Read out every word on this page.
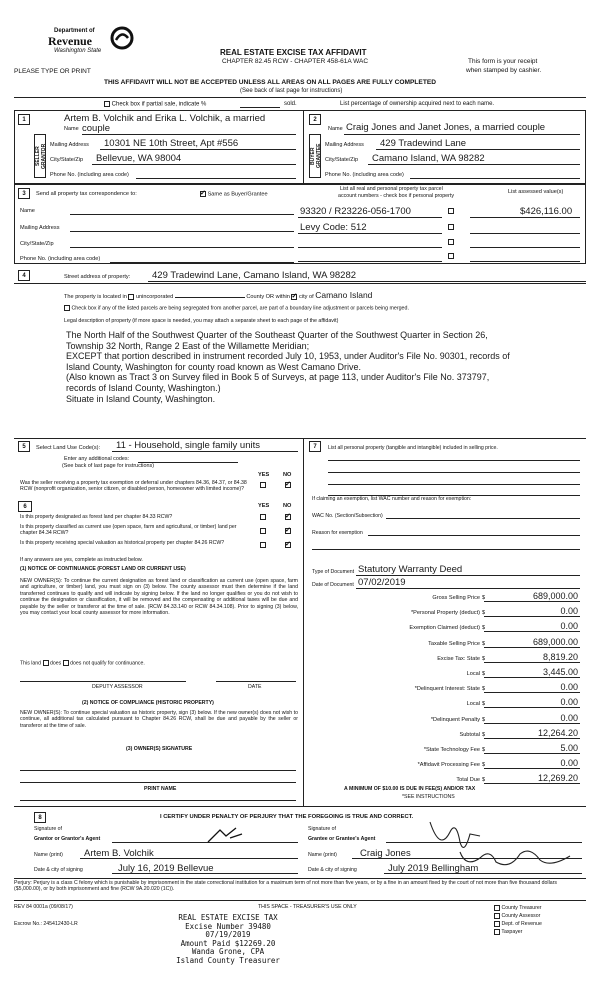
Department of
Revenue
Washington State
PLEASE TYPE OR PRINT
REAL ESTATE EXCISE TAX AFFIDAVIT
CHAPTER 82.45 RCW - CHAPTER 458-61A WAC	This form is your receipt
when stamped by cashier.
THIS AFFIDAVIT WILL NOT BE ACCEPTED UNLESS ALL AREAS ON ALL PAGES ARE FULLY COMPLETED
(See back of last page for instructions)
Check box if partial sale, indicate %	sold.	List percentage of ownership acquired next to each name.
1	2
SELLER GRANTOR	BUYER GRANTEE
Artem B. Volchik and Erika L. Volchik, a married
Name couple
Mailing Address 10301 NE 10th Street, Apt #556
City/State/Zip Bellevue, WA 98004
Phone No. (including area code)
Name Craig Jones and Janet Jones, a married couple
Mailing Address 429 Tradewind Lane
City/State/Zip Camano Island, WA 98282
Phone No. (including area code)
3	Send all property tax correspondence to: ✓	Same as Buyer/Grantee
Name
Mailing Address
City/State/Zip
Phone No. (including area code)
List all real and personal property tax parcel
account numbers - check box if personal property
List assessed value(s)
93320 / R23226-056-1700	$426,116.00
Levy Code: 512
4	Street address of property: 429 Tradewind Lane, Camano Island, WA 98282
The property is located in unincorporated	County OR within ✓ city of Camano Island
Check box if any of the listed parcels are being segregated from another parcel, are part of a boundary line adjustment or parcels being merged.
Legal description of property (if more space is needed, you may attach a separate sheet to each page of the affidavit)
The North Half of the Southwest Quarter of the Southeast Quarter of the Southwest Quarter in Section 26,
Township 32 North, Range 2 East of the Willamette Meridian;
EXCEPT that portion described in instrument recorded July 10, 1953, under Auditor's File No. 90301, records of
Island County, Washington for county road known as West Camano Drive.
(Also known as Tract 3 on Survey filed in Book 5 of Surveys, at page 113, under Auditor's File No. 373797,
records of Island County, Washington.)
Situate in Island County, Washington.
5	Select Land Use Code(s): 11 - Household, single family units
Enter any additional codes:
(See back of last page for instructions)
YES NO
Was the seller receiving a property tax exemption or deferral under chapters 84.36, 84.37, or 84.38 RCW (nonprofit organization, senior citizen, or disabled person, homeowner with limited income)?
✓
6	YES NO
Is this property designated as forest land per chapter 84.33 RCW?
✓
Is this property classified as current use (open space, farm and agricultural, or timber) land per chapter 84.34 RCW?
✓
Is this property receiving special valuation as historical property per chapter 84.26 RCW?
✓
If any answers are yes, complete as instructed below.
(1) NOTICE OF CONTINUANCE (FOREST LAND OR CURRENT USE)
NEW OWNER(S): To continue the current designation as forest land or classification as current use (open space, farm and agriculture, or timber) land, you must sign on (3) below. The county assessor must then determine if the land transferred continues to qualify and will indicate by signing below. If the land no longer qualifies or you do not wish to continue the designation or classification, it will be removed and the compensating or additional taxes will be due and payable by the seller or transferor at the time of sale. (RCW 84.33.140 or RCW 84.34.108). Prior to signing (3) below, you may contact your local county assessor for more information.
This land does does not qualify for continuance.
DEPUTY ASSESSOR	DATE
(2) NOTICE OF COMPLIANCE (HISTORIC PROPERTY)
NEW OWNER(S): To continue special valuation as historic property, sign (3) below. If the new owner(s) does not wish to continue, all additional tax calculated pursuant to Chapter 84.26 RCW, shall be due and payable by the seller or transferor at the time of sale.
(3) OWNER(S) SIGNATURE
PRINT NAME
7	List all personal property (tangible and intangible) included in selling price.
If claiming an exemption, list WAC number and reason for exemption:
WAC No. (Section/Subsection)
Reason for exemption
Type of Document Statutory Warranty Deed
Date of Document 07/02/2019
Gross Selling Price $	689,000.00
*Personal Property (deduct) $	0.00
Exemption Claimed (deduct) $	0.00
Taxable Selling Price $	689,000.00
Excise Tax: State $	8,819.20
Local $	3,445.00
*Delinquent Interest: State $	0.00
Local $	0.00
*Delinquent Penalty $	0.00
Subtotal $	12,264.20
*State Technology Fee $	5.00
*Affidavit Processing Fee $	0.00
Total Due $	12,269.20
A MINIMUM OF $10.00 IS DUE IN FEE(S) AND/OR TAX
*SEE INSTRUCTIONS
8	I CERTIFY UNDER PENALTY OF PERJURY THAT THE FOREGOING IS TRUE AND CORRECT.
Signature of
Grantor or Grantor's Agent
Name (print) Artem B. Volchik
Date & city of signing	July 16, 2019 Bellevue
Signature of
Grantee or Grantee's Agent
Name (print) Craig Jones
Date & city of signing	July 2019 Bellingham
Perjury: Perjury is a class C felony which is punishable by imprisonment in the state correctional institution for a maximum term of not more than five years, or by a fine in an amount fixed by the court of not more than five thousand dollars ($5,000.00), or by both imprisonment and fine (RCW 9A.20.020 (1C)).
REV 84 0001a (09/08/17)	THIS SPACE - TREASURER'S USE ONLY
Escrow No.: 245412430-LR
REAL ESTATE EXCISE TAX
Excise Number 39480
07/19/2019
Amount Paid $12269.20
Wanda Grone, CPA
Island County Treasurer
County Treasurer
County Assessor
Dept. of Revenue
Taxpayer
